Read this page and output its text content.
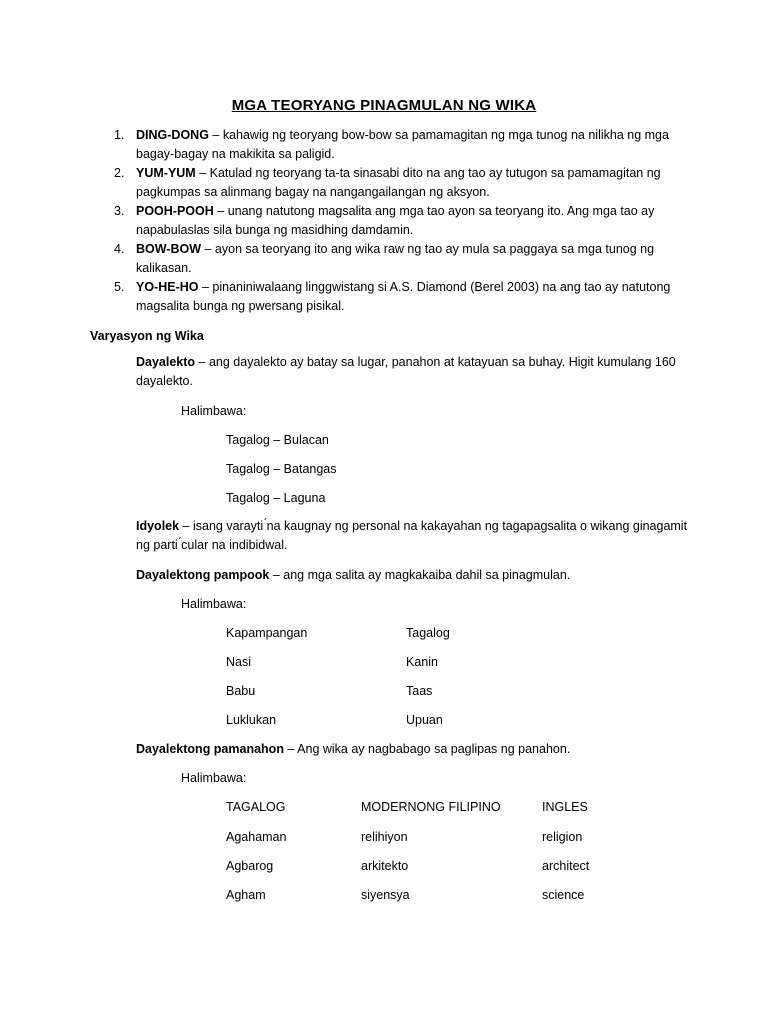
MGA TEORYANG PINAGMULAN NG WIKA
1. DING-DONG – kahawig ng teoryang bow-bow sa pamamagitan ng mga tunog na nilikha ng mga bagay-bagay na makikita sa paligid.
2. YUM-YUM – Katulad ng teoryang ta-ta sinasabi dito na ang tao ay tutugon sa pamamagitan ng pagkumpas sa alinmang bagay na nangangailangan ng aksyon.
3. POOH-POOH – unang natutong magsalita ang mga tao ayon sa teoryang ito. Ang mga tao ay napabulaslas sila bunga ng masidhing damdamin.
4. BOW-BOW – ayon sa teoryang ito ang wika raw ng tao ay mula sa paggaya sa mga tunog ng kalikasan.
5. YO-HE-HO – pinaniniwalaang linggwistang si A.S. Diamond (Berel 2003) na ang tao ay natutong magsalita bunga ng pwersang pisikal.
Varyasyon ng Wika
Dayalekto – ang dayalekto ay batay sa lugar, panahon at katayuan sa buhay. Higit kumulang 160 dayalekto.
Halimbawa:
Tagalog – Bulacan
Tagalog – Batangas
Tagalog – Laguna
Idyolek – isang varayti ́na kaugnay ng personal na kakayahan ng tagapagsalita o wikang ginagamit ng parti ́cular na indibidwal.
Dayalektong pampook – ang mga salita ay magkakaiba dahil sa pinagmulan.
Halimbawa:
Kapampangan	Tagalog
Nasi	Kanin
Babu	Taas
Luklukan	Upuan
Dayalektong pamanahon – Ang wika ay nagbabago sa paglipas ng panahon.
Halimbawa:
TAGALOG	MODERNONG FILIPINO	INGLES
Agahaman	relihiyon	religion
Agbarog	arkitekto	architect
Agham	siyensya	science
